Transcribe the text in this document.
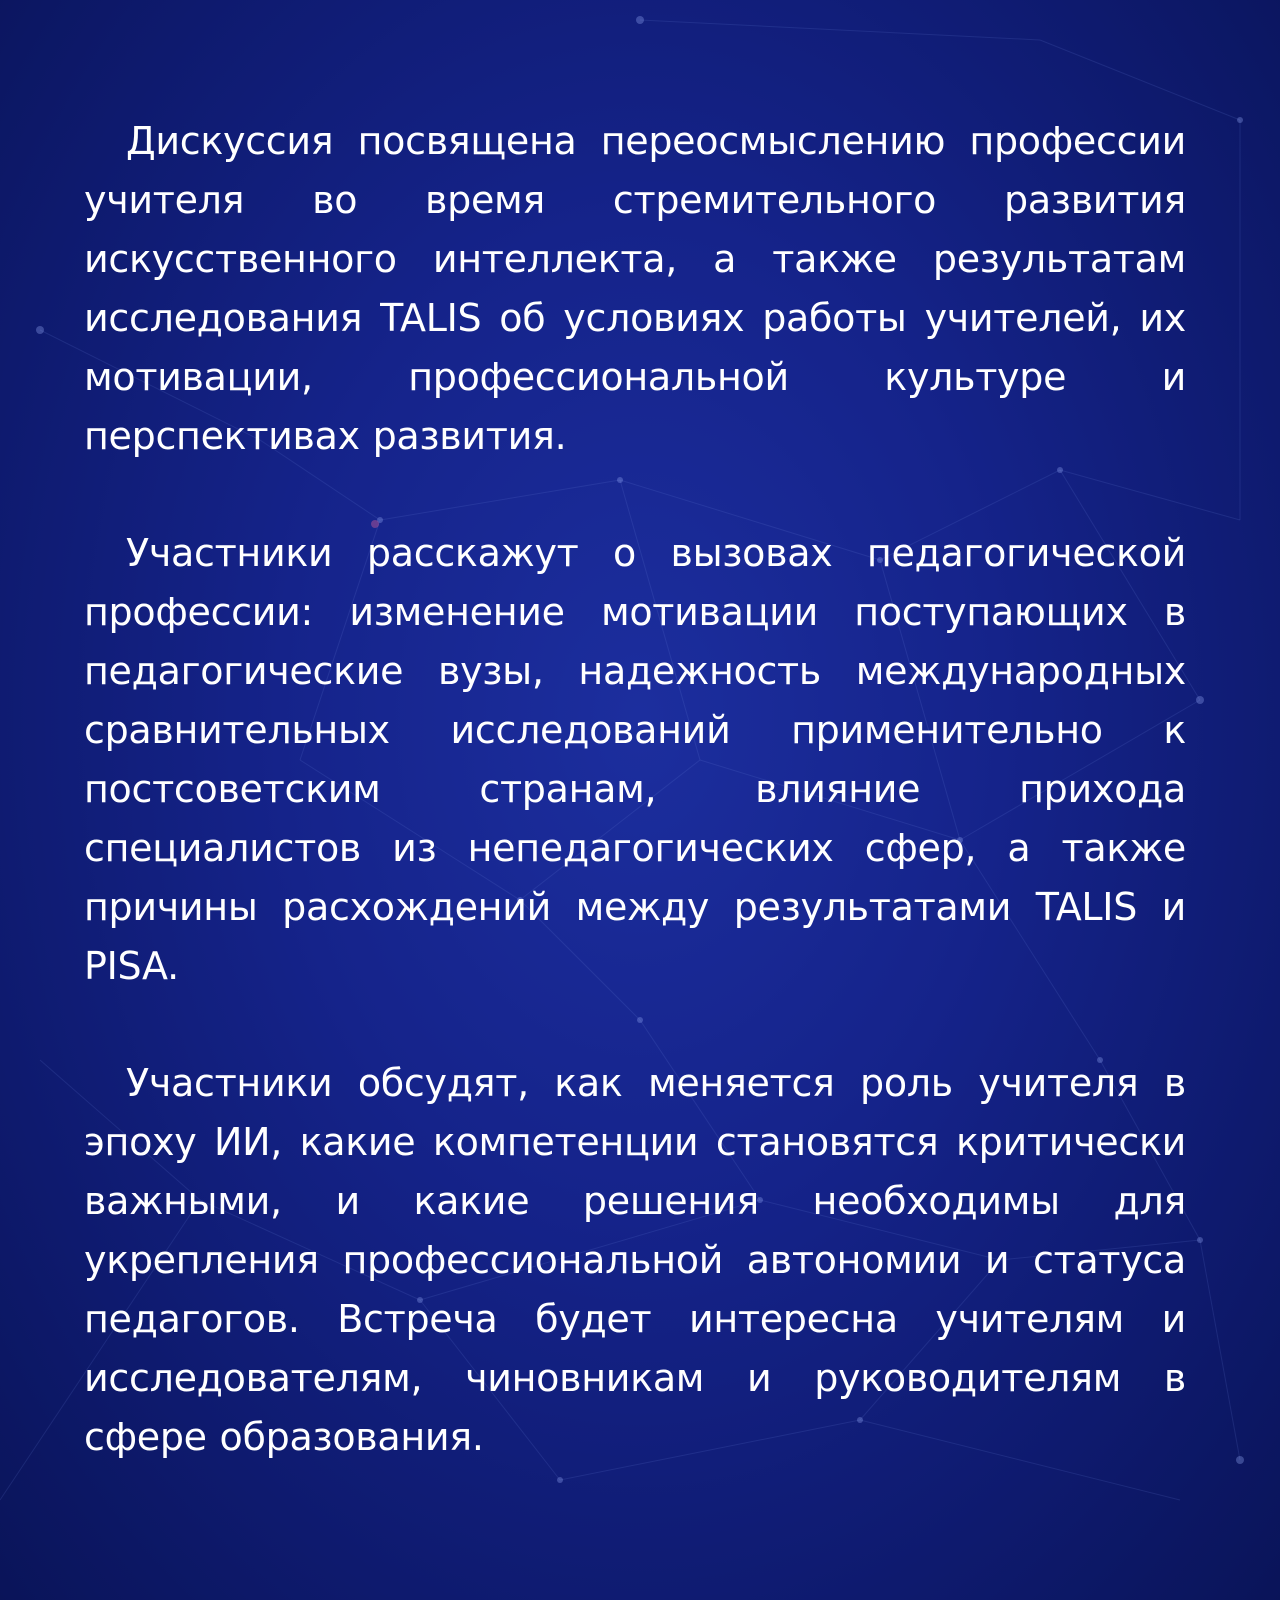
Дискуссия посвящена переосмыслению профессии учителя во время стремительного развития искусственного интеллекта, а также результатам исследования TALIS об условиях работы учителей, их мотивации, профессиональной культуре и перспективах развития.

Участники расскажут о вызовах педагогической профессии: изменение мотивации поступающих в педагогические вузы, надежность международных сравнительных исследований применительно к постсоветским странам, влияние прихода специалистов из непедагогических сфер, а также причины расхождений между результатами TALIS и PISA.

Участники обсудят, как меняется роль учителя в эпоху ИИ, какие компетенции становятся критически важными, и какие решения необходимы для укрепления профессиональной автономии и статуса педагогов. Встреча будет интересна учителям и исследователям, чиновникам и руководителям в сфере образования.
